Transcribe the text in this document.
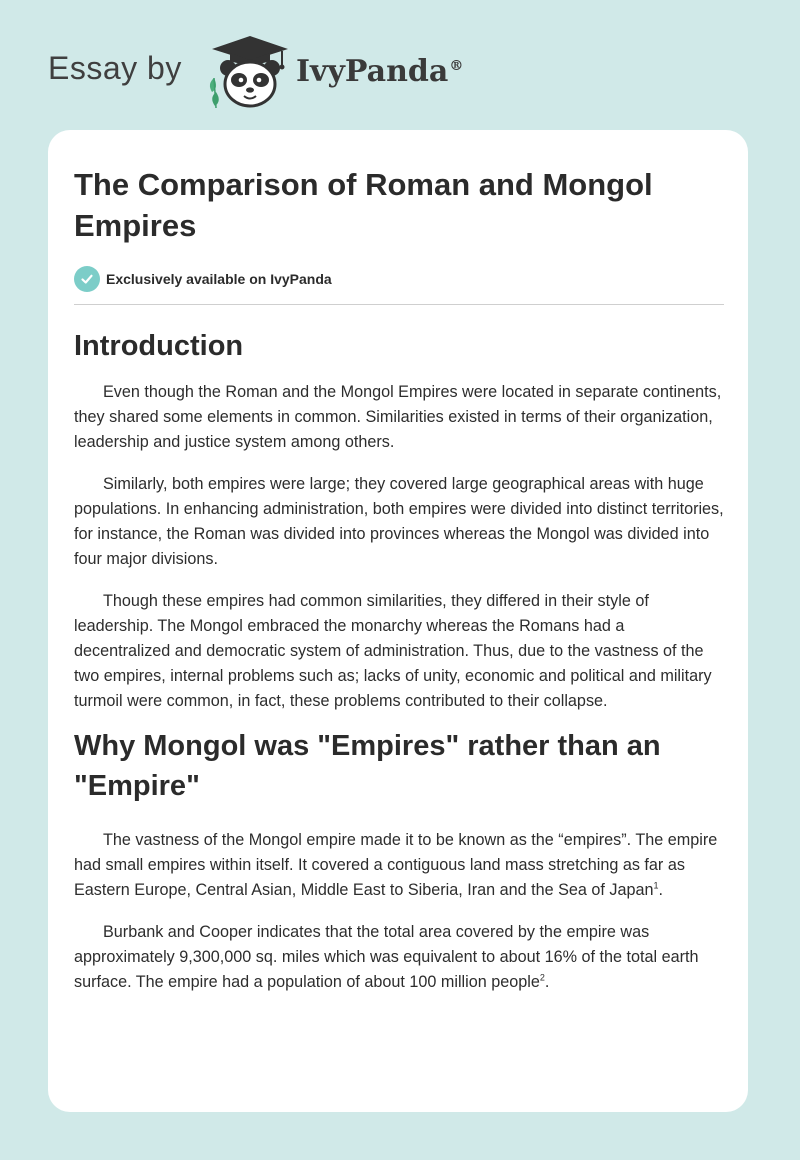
Essay by	IvyPanda®
The Comparison of Roman and Mongol Empires
Exclusively available on IvyPanda
Introduction

Even though the Roman and the Mongol Empires were located in separate continents, they shared some elements in common. Similarities existed in terms of their organization, leadership and justice system among others.

Similarly, both empires were large; they covered large geographical areas with huge populations. In enhancing administration, both empires were divided into distinct territories, for instance, the Roman was divided into provinces whereas the Mongol was divided into four major divisions.

Though these empires had common similarities, they differed in their style of leadership. The Mongol embraced the monarchy whereas the Romans had a decentralized and democratic system of administration. Thus, due to the vastness of the two empires, internal problems such as; lacks of unity, economic and political and military turmoil were common, in fact, these problems contributed to their collapse.

Why Mongol was "Empires" rather than an "Empire"

The vastness of the Mongol empire made it to be known as the “empires”. The empire had small empires within itself. It covered a contiguous land mass stretching as far as Eastern Europe, Central Asian, Middle East to Siberia, Iran and the Sea of Japan$^1$.

Burbank and Cooper indicates that the total area covered by the empire was approximately 9,300,000 sq. miles which was equivalent to about 16% of the total earth surface. The empire had a population of about 100 million people$^2$.
